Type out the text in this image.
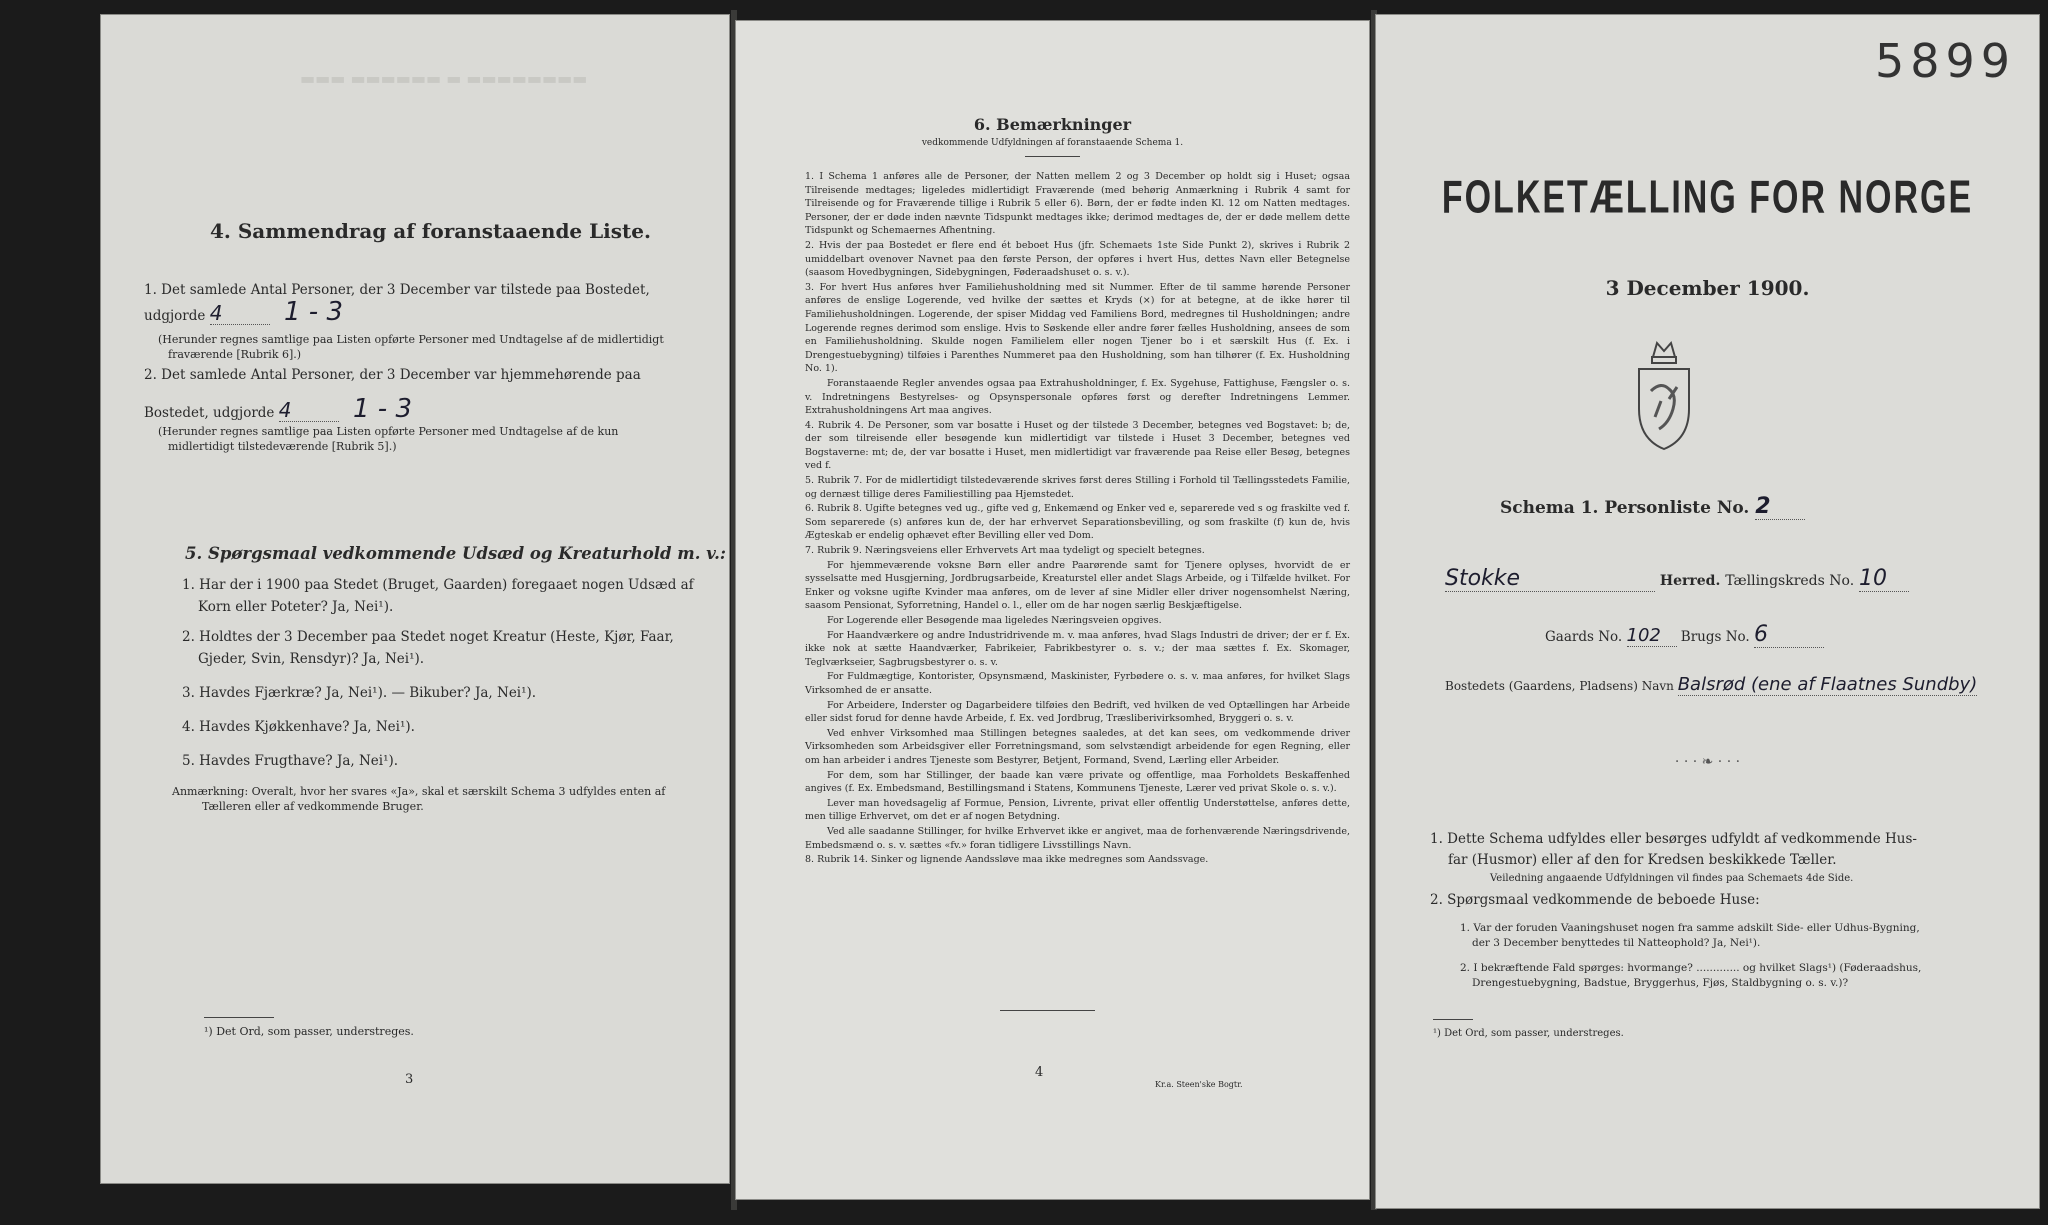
▬▬▬ ▬▬▬▬▬▬ ▬ ▬▬▬▬▬▬▬▬
4. Sammendrag af foranstaaende Liste.
1. Det samlede Antal Personer, der 3 December var tilstede paa Bostedet,
udgjorde 4 1 - 3
(Herunder regnes samtlige paa Listen opførte Personer med Undtagelse af de midlertidigt
fraværende [Rubrik 6].)
2. Det samlede Antal Personer, der 3 December var hjemmehørende paa
Bostedet, udgjorde 4 1 - 3
(Herunder regnes samtlige paa Listen opførte Personer med Undtagelse af de kun
midlertidigt tilstedeværende [Rubrik 5].)
5. Spørgsmaal vedkommende Udsæd og Kreaturhold m. v.:
1. Har der i 1900 paa Stedet (Bruget, Gaarden) foregaaet nogen Udsæd af
Korn eller Poteter? Ja, Nei¹).
2. Holdtes der 3 December paa Stedet noget Kreatur (Heste, Kjør, Faar,
Gjeder, Svin, Rensdyr)? Ja, Nei¹).
3. Havdes Fjærkræ? Ja, Nei¹). — Bikuber? Ja, Nei¹).
4. Havdes Kjøkkenhave? Ja, Nei¹).
5. Havdes Frugthave? Ja, Nei¹).
Anmærkning: Overalt, hvor her svares «Ja», skal et særskilt Schema 3 udfyldes enten af
Tælleren eller af vedkommende Bruger.
¹) Det Ord, som passer, understreges.
3
6. Bemærkninger
vedkommende Udfyldningen af foranstaaende Schema 1.
1. I Schema 1 anføres alle de Personer, der Natten mellem 2 og 3 December op holdt sig i Huset; ogsaa Tilreisende medtages; ligeledes midlertidigt Fraværende (med behørig Anmærkning i Rubrik 4 samt for Tilreisende og for Fraværende tillige i Rubrik 5 eller 6). Børn, der er fødte inden Kl. 12 om Natten medtages. Personer, der er døde inden nævnte Tidspunkt medtages ikke; derimod medtages de, der er døde mellem dette Tidspunkt og Schemaernes Afhentning.
2. Hvis der paa Bostedet er flere end ét beboet Hus (jfr. Schemaets 1ste Side Punkt 2), skrives i Rubrik 2 umiddelbart ovenover Navnet paa den første Person, der opføres i hvert Hus, dettes Navn eller Betegnelse (saasom Hovedbygningen, Sidebygningen, Føderaadshuset o. s. v.).
3. For hvert Hus anføres hver Familiehusholdning med sit Nummer. Efter de til samme hørende Personer anføres de enslige Logerende, ved hvilke der sættes et Kryds (×) for at betegne, at de ikke hører til Familiehusholdningen. Logerende, der spiser Middag ved Familiens Bord, medregnes til Husholdningen; andre Logerende regnes derimod som enslige. Hvis to Søskende eller andre fører fælles Husholdning, ansees de som en Familiehusholdning. Skulde nogen Familielem eller nogen Tjener bo i et særskilt Hus (f. Ex. i Drengestuebygning) tilføies i Parenthes Nummeret paa den Husholdning, som han tilhører (f. Ex. Husholdning No. 1).
Foranstaaende Regler anvendes ogsaa paa Extrahusholdninger, f. Ex. Sygehuse, Fattighuse, Fængsler o. s. v. Indretningens Bestyrelses- og Opsynspersonale opføres først og derefter Indretningens Lemmer. Extrahusholdningens Art maa angives.
4. Rubrik 4. De Personer, som var bosatte i Huset og der tilstede 3 December, betegnes ved Bogstavet: b; de, der som tilreisende eller besøgende kun midlertidigt var tilstede i Huset 3 December, betegnes ved Bogstaverne: mt; de, der var bosatte i Huset, men midlertidigt var fraværende paa Reise eller Besøg, betegnes ved f.
5. Rubrik 7. For de midlertidigt tilstedeværende skrives først deres Stilling i Forhold til Tællingsstedets Familie, og dernæst tillige deres Familiestilling paa Hjemstedet.
6. Rubrik 8. Ugifte betegnes ved ug., gifte ved g, Enkemænd og Enker ved e, separerede ved s og fraskilte ved f. Som separerede (s) anføres kun de, der har erhvervet Separationsbevilling, og som fraskilte (f) kun de, hvis Ægteskab er endelig ophævet efter Bevilling eller ved Dom.
7. Rubrik 9. Næringsveiens eller Erhvervets Art maa tydeligt og specielt betegnes.
For hjemmeværende voksne Børn eller andre Paarørende samt for Tjenere oplyses, hvorvidt de er sysselsatte med Husgjerning, Jordbrugsarbeide, Kreaturstel eller andet Slags Arbeide, og i Tilfælde hvilket. For Enker og voksne ugifte Kvinder maa anføres, om de lever af sine Midler eller driver nogensomhelst Næring, saasom Pensionat, Syforretning, Handel o. l., eller om de har nogen særlig Beskjæftigelse.
For Logerende eller Besøgende maa ligeledes Næringsveien opgives.
For Haandværkere og andre Industridrivende m. v. maa anføres, hvad Slags Industri de driver; der er f. Ex. ikke nok at sætte Haandværker, Fabrikeier, Fabrikbestyrer o. s. v.; der maa sættes f. Ex. Skomager, Teglværkseier, Sagbrugsbestyrer o. s. v.
For Fuldmægtige, Kontorister, Opsynsmænd, Maskinister, Fyrbødere o. s. v. maa anføres, for hvilket Slags Virksomhed de er ansatte.
For Arbeidere, Inderster og Dagarbeidere tilføies den Bedrift, ved hvilken de ved Optællingen har Arbeide eller sidst forud for denne havde Arbeide, f. Ex. ved Jordbrug, Træsliberivirksomhed, Bryggeri o. s. v.
Ved enhver Virksomhed maa Stillingen betegnes saaledes, at det kan sees, om vedkommende driver Virksomheden som Arbeidsgiver eller Forretningsmand, som selvstændigt arbeidende for egen Regning, eller om han arbeider i andres Tjeneste som Bestyrer, Betjent, Formand, Svend, Lærling eller Arbeider.
For dem, som har Stillinger, der baade kan være private og offentlige, maa Forholdets Beskaffenhed angives (f. Ex. Embedsmand, Bestillingsmand i Statens, Kommunens Tjeneste, Lærer ved privat Skole o. s. v.).
Lever man hovedsagelig af Formue, Pension, Livrente, privat eller offentlig Understøttelse, anføres dette, men tillige Erhvervet, om det er af nogen Betydning.
Ved alle saadanne Stillinger, for hvilke Erhvervet ikke er angivet, maa de forhenværende Næringsdrivende, Embedsmænd o. s. v. sættes «fv.» foran tidligere Livsstillings Navn.
8. Rubrik 14. Sinker og lignende Aandssløve maa ikke medregnes som Aandssvage.
4
Kr.a. Steen'ske Bogtr.
5899
FOLKETÆLLING FOR NORGE
3 December 1900.
Schema 1. Personliste No. 2
Stokke	Herred. Tællingskreds No. 10
Gaards No. 102 Brugs No. 6
Bostedets (Gaardens, Pladsens) Navn Balsrød (ene af Flaatnes Sundby)
· · · ❧ · · ·
1. Dette Schema udfyldes eller besørges udfyldt af vedkommende Hus-
far (Husmor) eller af den for Kredsen beskikkede Tæller.
Veiledning angaaende Udfyldningen vil findes paa Schemaets 4de Side.
2. Spørgsmaal vedkommende de beboede Huse:
1. Var der foruden Vaaningshuset nogen fra samme adskilt Side- eller Udhus-Bygning,
der 3 December benyttedes til Natteophold? Ja, Nei¹).
2. I bekræftende Fald spørges: hvormange? ............. og hvilket Slags¹) (Føderaadshus,
Drengestuebygning, Badstue, Bryggerhus, Fjøs, Staldbygning o. s. v.)?
¹) Det Ord, som passer, understreges.
